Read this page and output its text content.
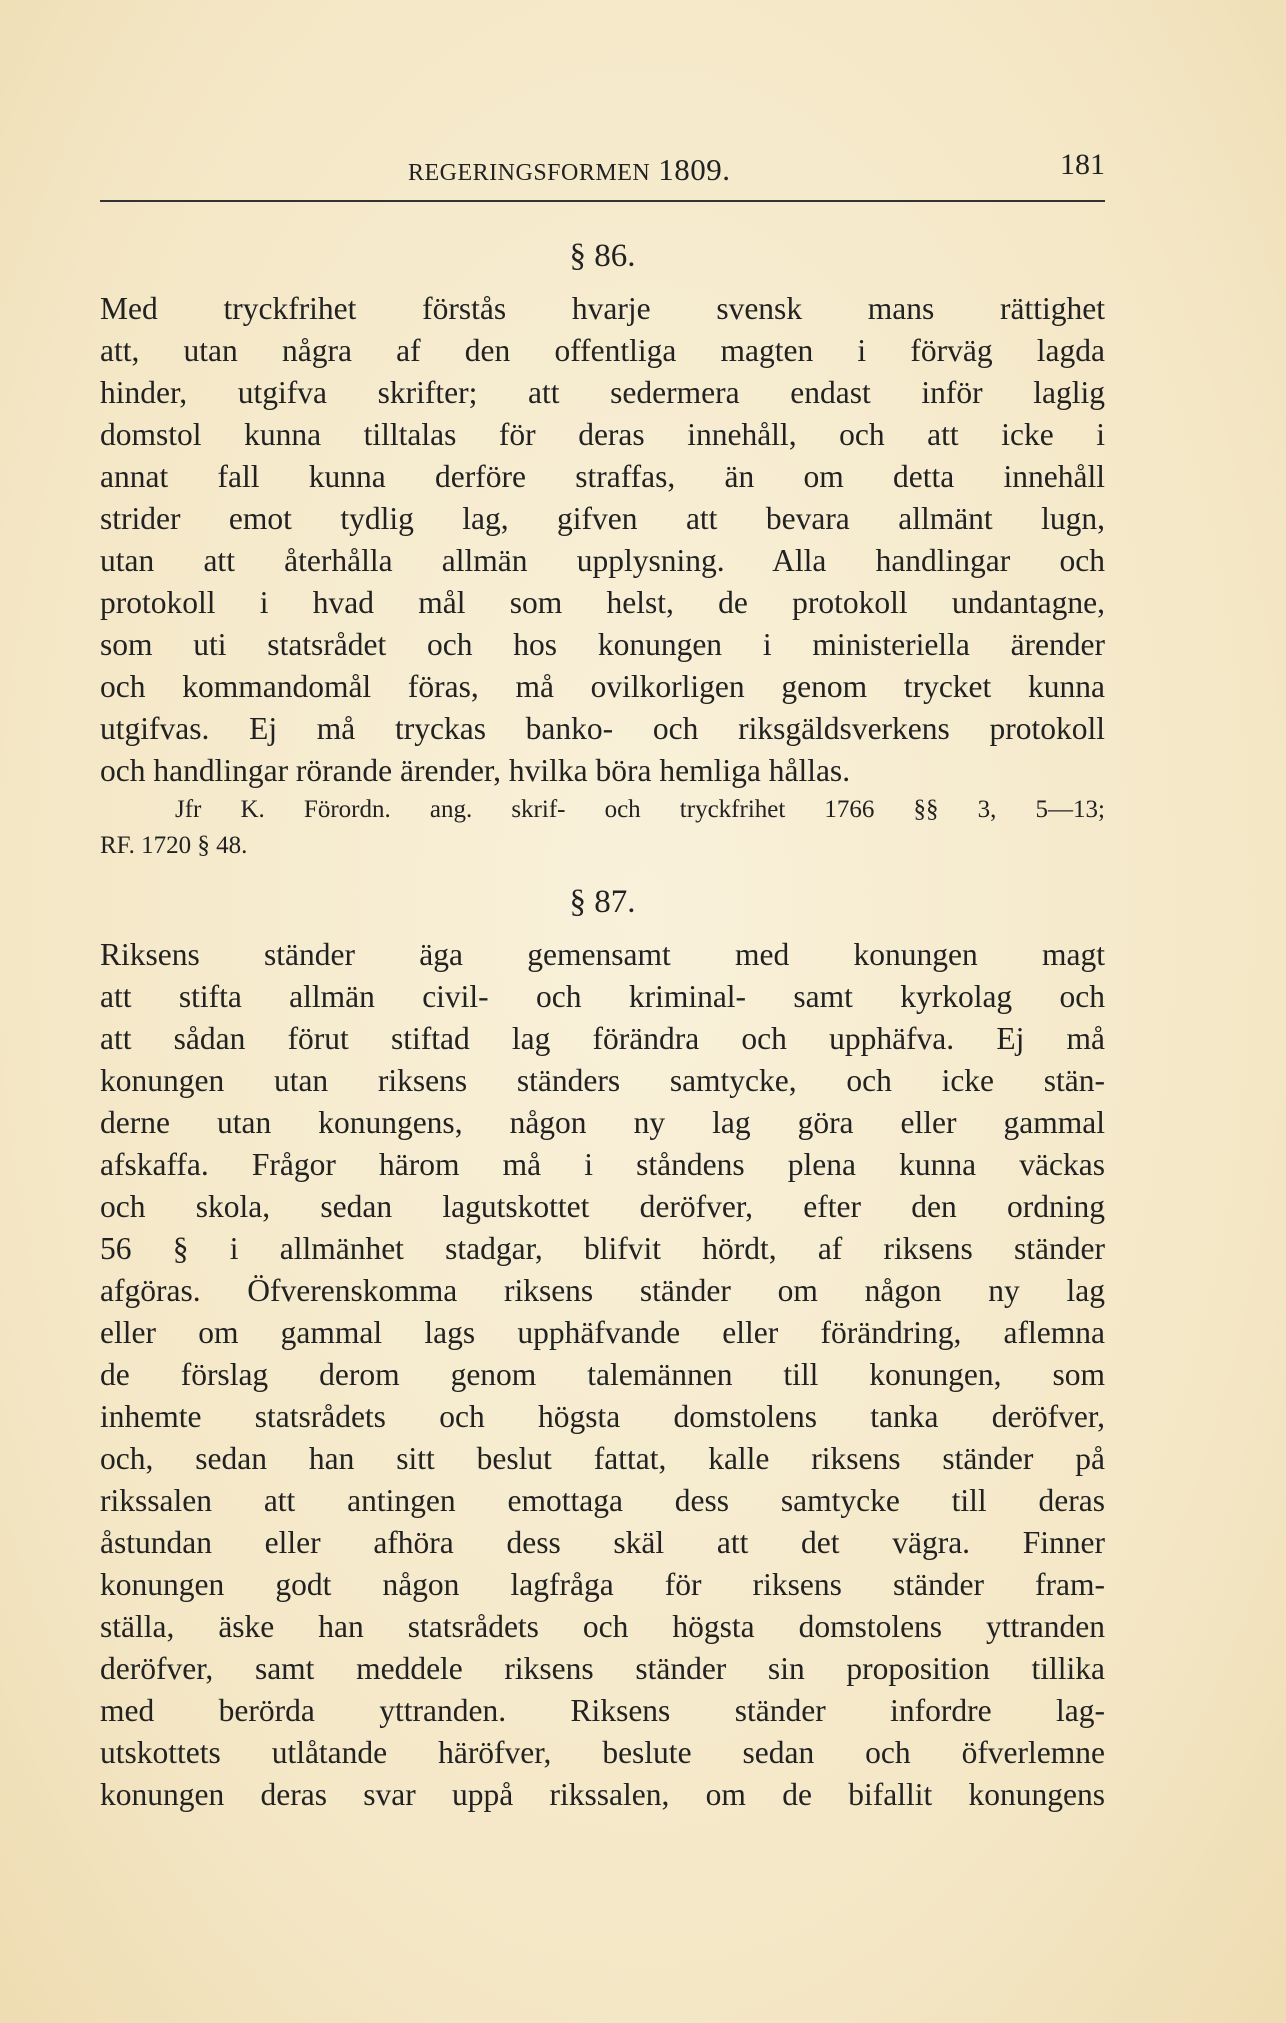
REGERINGSFORMEN 1809.	181
§ 86.
Med tryckfrihet förstås hvarje svensk mans rättighet
att, utan några af den offentliga magten i förväg lagda
hinder, utgifva skrifter; att sedermera endast inför laglig
domstol kunna tilltalas för deras innehåll, och att icke i
annat fall kunna derföre straffas, än om detta innehåll
strider emot tydlig lag, gifven att bevara allmänt lugn,
utan att återhålla allmän upplysning. Alla handlingar och
protokoll i hvad mål som helst, de protokoll undantagne,
som uti statsrådet och hos konungen i ministeriella ärender
och kommandomål föras, må ovilkorligen genom trycket kunna
utgifvas. Ej må tryckas banko- och riksgäldsverkens protokoll
och handlingar rörande ärender, hvilka böra hemliga hållas.
Jfr K. Förordn. ang. skrif- och tryckfrihet 1766 §§ 3, 5—13;
RF. 1720 § 48.
§ 87.
Riksens ständer äga gemensamt med konungen magt
att stifta allmän civil- och kriminal- samt kyrkolag och
att sådan förut stiftad lag förändra och upphäfva. Ej må
konungen utan riksens ständers samtycke, och icke stän-
derne utan konungens, någon ny lag göra eller gammal
afskaffa. Frågor härom må i ståndens plena kunna väckas
och skola, sedan lagutskottet deröfver, efter den ordning
56 § i allmänhet stadgar, blifvit hördt, af riksens ständer
afgöras. Öfverenskomma riksens ständer om någon ny lag
eller om gammal lags upphäfvande eller förändring, aflemna
de förslag derom genom talemännen till konungen, som
inhemte statsrådets och högsta domstolens tanka deröfver,
och, sedan han sitt beslut fattat, kalle riksens ständer på
rikssalen att antingen emottaga dess samtycke till deras
åstundan eller afhöra dess skäl att det vägra. Finner
konungen godt någon lagfråga för riksens ständer fram-
ställa, äske han statsrådets och högsta domstolens yttranden
deröfver, samt meddele riksens ständer sin proposition tillika
med berörda yttranden. Riksens ständer infordre lag-
utskottets utlåtande häröfver, beslute sedan och öfverlemne
konungen deras svar uppå rikssalen, om de bifallit konungens
